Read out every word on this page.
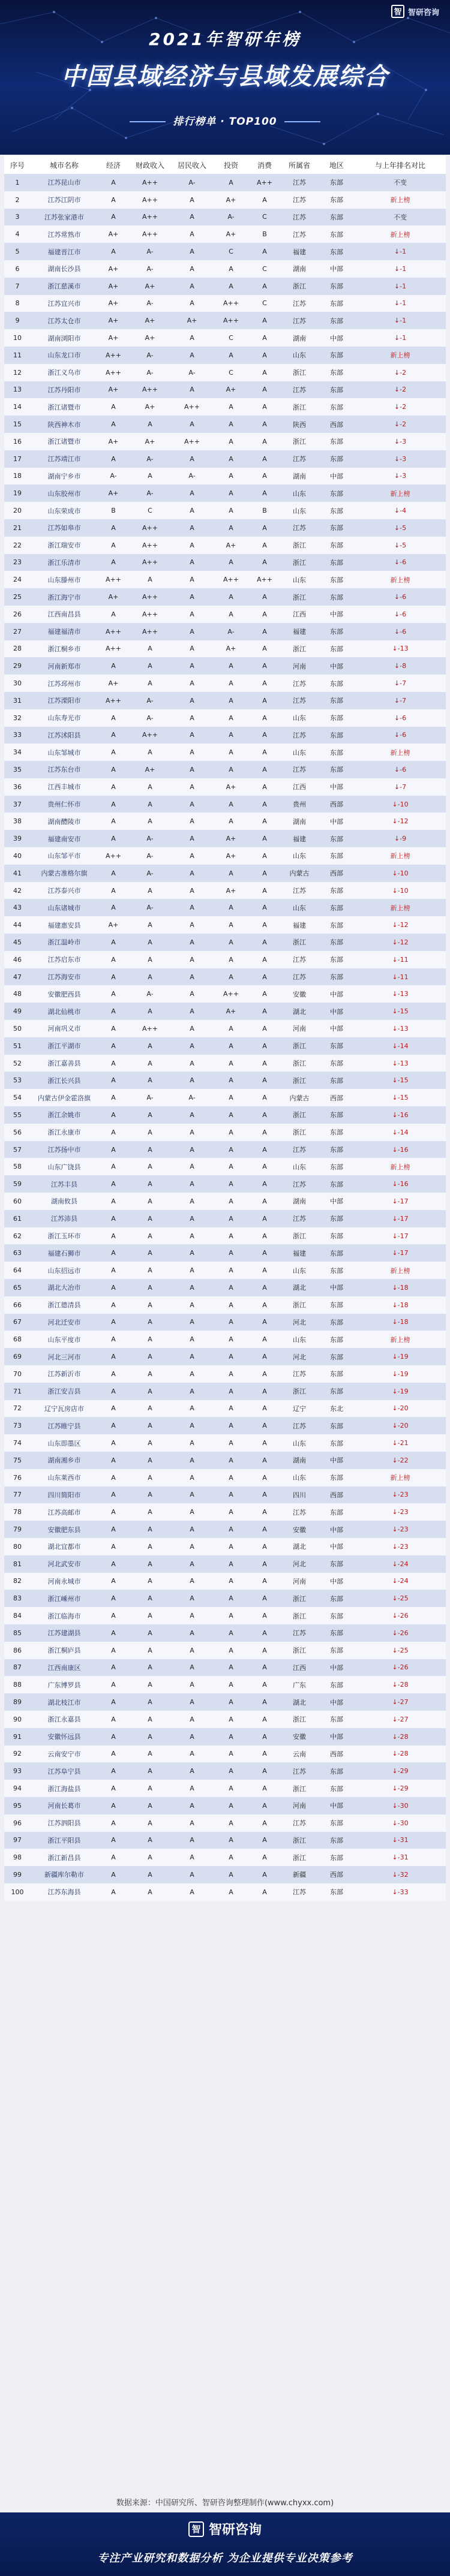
智 智研咨询
2021年智研年榜
中国县域经济与县域发展综合
排行榜单 · TOP100
序号	城市名称	经济	财政收入	居民收入	投资	消费	所属省	地区	与上年排名对比
1	江苏昆山市	A	A++	A-	A	A++	江苏	东部	不变
2	江苏江阴市	A	A++	A	A+	A	江苏	东部	新上榜
3	江苏张家港市	A	A++	A	A-	C	江苏	东部	不变
4	江苏常熟市	A+	A++	A	A+	B	江苏	东部	新上榜
5	福建晋江市	A	A-	A	C	A	福建	东部	↓-1
6	湖南长沙县	A+	A-	A	A	C	湖南	中部	↓-1
7	浙江慈溪市	A+	A+	A	A	A	浙江	东部	↓-1
8	江苏宜兴市	A+	A-	A	A++	C	江苏	东部	↓-1
9	江苏太仓市	A+	A+	A+	A++	A	江苏	东部	↓-1
10	湖南浏阳市	A+	A+	A	C	A	湖南	中部	↓-1
11	山东龙口市	A++	A-	A	A	A	山东	东部	新上榜
12	浙江义乌市	A++	A-	A-	C	A	浙江	东部	↓-2
13	江苏丹阳市	A+	A++	A	A+	A	江苏	东部	↓-2
14	浙江诸暨市	A	A+	A++	A	A	浙江	东部	↓-2
15	陕西神木市	A	A	A	A	A	陕西	西部	↓-2
16	浙江诸暨市	A+	A+	A++	A	A	浙江	东部	↓-3
17	江苏靖江市	A	A-	A	A	A	江苏	东部	↓-3
18	湖南宁乡市	A-	A	A-	A	A	湖南	中部	↓-3
19	山东胶州市	A+	A-	A	A	A	山东	东部	新上榜
20	山东荣成市	B	C	A	A	B	山东	东部	↓-4
21	江苏如皋市	A	A++	A	A	A	江苏	东部	↓-5
22	浙江瑞安市	A	A++	A	A+	A	浙江	东部	↓-5
23	浙江乐清市	A	A++	A	A	A	浙江	东部	↓-6
24	山东滕州市	A++	A	A	A++	A++	山东	东部	新上榜
25	浙江海宁市	A+	A++	A	A	A	浙江	东部	↓-6
26	江西南昌县	A	A++	A	A	A	江西	中部	↓-6
27	福建福清市	A++	A++	A	A-	A	福建	东部	↓-6
28	浙江桐乡市	A++	A	A	A+	A	浙江	东部	↓-13
29	河南新郑市	A	A	A	A	A	河南	中部	↓-8
30	江苏邳州市	A+	A	A	A	A	江苏	东部	↓-7
31	江苏溧阳市	A++	A-	A	A	A	江苏	东部	↓-7
32	山东寿光市	A	A-	A	A	A	山东	东部	↓-6
33	江苏沭阳县	A	A++	A	A	A	江苏	东部	↓-6
34	山东邹城市	A	A	A	A	A	山东	东部	新上榜
35	江苏东台市	A	A+	A	A	A	江苏	东部	↓-6
36	江西丰城市	A	A	A	A+	A	江西	中部	↓-7
37	贵州仁怀市	A	A	A	A	A	贵州	西部	↓-10
38	湖南醴陵市	A	A	A	A	A	湖南	中部	↓-12
39	福建南安市	A	A-	A	A+	A	福建	东部	↓-9
40	山东邹平市	A++	A-	A	A+	A	山东	东部	新上榜
41	内蒙古准格尔旗	A	A-	A	A	A	内蒙古	西部	↓-10
42	江苏泰兴市	A	A	A	A+	A	江苏	东部	↓-10
43	山东诸城市	A	A-	A	A	A	山东	东部	新上榜
44	福建惠安县	A+	A	A	A	A	福建	东部	↓-12
45	浙江温岭市	A	A	A	A	A	浙江	东部	↓-12
46	江苏启东市	A	A	A	A	A	江苏	东部	↓-11
47	江苏海安市	A	A	A	A	A	江苏	东部	↓-11
48	安徽肥西县	A	A-	A	A++	A	安徽	中部	↓-13
49	湖北仙桃市	A	A	A	A+	A	湖北	中部	↓-15
50	河南巩义市	A	A++	A	A	A	河南	中部	↓-13
51	浙江平湖市	A	A	A	A	A	浙江	东部	↓-14
52	浙江嘉善县	A	A	A	A	A	浙江	东部	↓-13
53	浙江长兴县	A	A	A	A	A	浙江	东部	↓-15
54	内蒙古伊金霍洛旗	A	A-	A-	A	A	内蒙古	西部	↓-15
55	浙江余姚市	A	A	A	A	A	浙江	东部	↓-16
56	浙江永康市	A	A	A	A	A	浙江	东部	↓-14
57	江苏扬中市	A	A	A	A	A	江苏	东部	↓-16
58	山东广饶县	A	A	A	A	A	山东	东部	新上榜
59	江苏丰县	A	A	A	A	A	江苏	东部	↓-16
60	湖南攸县	A	A	A	A	A	湖南	中部	↓-17
61	江苏沛县	A	A	A	A	A	江苏	东部	↓-17
62	浙江玉环市	A	A	A	A	A	浙江	东部	↓-17
63	福建石狮市	A	A	A	A	A	福建	东部	↓-17
64	山东招远市	A	A	A	A	A	山东	东部	新上榜
65	湖北大冶市	A	A	A	A	A	湖北	中部	↓-18
66	浙江德清县	A	A	A	A	A	浙江	东部	↓-18
67	河北迁安市	A	A	A	A	A	河北	东部	↓-18
68	山东平度市	A	A	A	A	A	山东	东部	新上榜
69	河北三河市	A	A	A	A	A	河北	东部	↓-19
70	江苏新沂市	A	A	A	A	A	江苏	东部	↓-19
71	浙江安吉县	A	A	A	A	A	浙江	东部	↓-19
72	辽宁瓦房店市	A	A	A	A	A	辽宁	东北	↓-20
73	江苏睢宁县	A	A	A	A	A	江苏	东部	↓-20
74	山东即墨区	A	A	A	A	A	山东	东部	↓-21
75	湖南湘乡市	A	A	A	A	A	湖南	中部	↓-22
76	山东莱西市	A	A	A	A	A	山东	东部	新上榜
77	四川简阳市	A	A	A	A	A	四川	西部	↓-23
78	江苏高邮市	A	A	A	A	A	江苏	东部	↓-23
79	安徽肥东县	A	A	A	A	A	安徽	中部	↓-23
80	湖北宜都市	A	A	A	A	A	湖北	中部	↓-23
81	河北武安市	A	A	A	A	A	河北	东部	↓-24
82	河南永城市	A	A	A	A	A	河南	中部	↓-24
83	浙江嵊州市	A	A	A	A	A	浙江	东部	↓-25
84	浙江临海市	A	A	A	A	A	浙江	东部	↓-26
85	江苏建湖县	A	A	A	A	A	江苏	东部	↓-26
86	浙江桐庐县	A	A	A	A	A	浙江	东部	↓-25
87	江西南康区	A	A	A	A	A	江西	中部	↓-26
88	广东博罗县	A	A	A	A	A	广东	东部	↓-28
89	湖北枝江市	A	A	A	A	A	湖北	中部	↓-27
90	浙江永嘉县	A	A	A	A	A	浙江	东部	↓-27
91	安徽怀远县	A	A	A	A	A	安徽	中部	↓-28
92	云南安宁市	A	A	A	A	A	云南	西部	↓-28
93	江苏阜宁县	A	A	A	A	A	江苏	东部	↓-29
94	浙江海盐县	A	A	A	A	A	浙江	东部	↓-29
95	河南长葛市	A	A	A	A	A	河南	中部	↓-30
96	江苏泗阳县	A	A	A	A	A	江苏	东部	↓-30
97	浙江平阳县	A	A	A	A	A	浙江	东部	↓-31
98	浙江新昌县	A	A	A	A	A	浙江	东部	↓-31
99	新疆库尔勒市	A	A	A	A	A	新疆	西部	↓-32
100	江苏东海县	A	A	A	A	A	江苏	东部	↓-33
数据来源：中国研究所、智研咨询整理制作(www.chyxx.com)
智 智研咨询
专注产业研究和数据分析 为企业提供专业决策参考
